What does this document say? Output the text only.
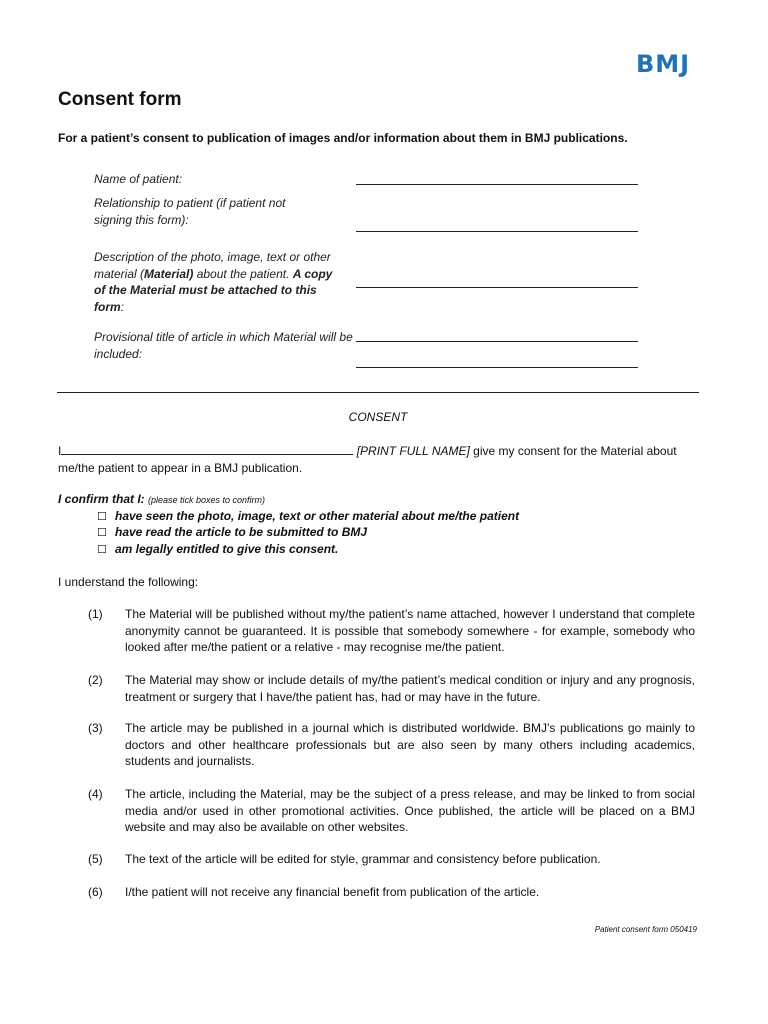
BMJ
Consent form
For a patient’s consent to publication of images and/or information about them in BMJ publications.
Name of patient:
Relationship to patient (if patient not signing this form):
Description of the photo, image, text or other material (Material) about the patient. A copy of the Material must be attached to this form:
Provisional title of article in which Material will be included:
CONSENT
I	[PRINT FULL NAME] give my consent for the Material about me/the patient to appear in a BMJ publication.
I confirm that I: (please tick boxes to confirm)
☐ have seen the photo, image, text or other material about me/the patient
☐ have read the article to be submitted to BMJ
☐ am legally entitled to give this consent.
I understand the following:
(1) The Material will be published without my/the patient’s name attached, however I understand that complete anonymity cannot be guaranteed. It is possible that somebody somewhere - for example, somebody who looked after me/the patient or a relative - may recognise me/the patient.
(2) The Material may show or include details of my/the patient’s medical condition or injury and any prognosis, treatment or surgery that I have/the patient has, had or may have in the future.
(3) The article may be published in a journal which is distributed worldwide. BMJ’s publications go mainly to doctors and other healthcare professionals but are also seen by many others including academics, students and journalists.
(4) The article, including the Material, may be the subject of a press release, and may be linked to from social media and/or used in other promotional activities. Once published, the article will be placed on a BMJ website and may also be available on other websites.
(5) The text of the article will be edited for style, grammar and consistency before publication.
(6) I/the patient will not receive any financial benefit from publication of the article.
Patient consent form 050419
